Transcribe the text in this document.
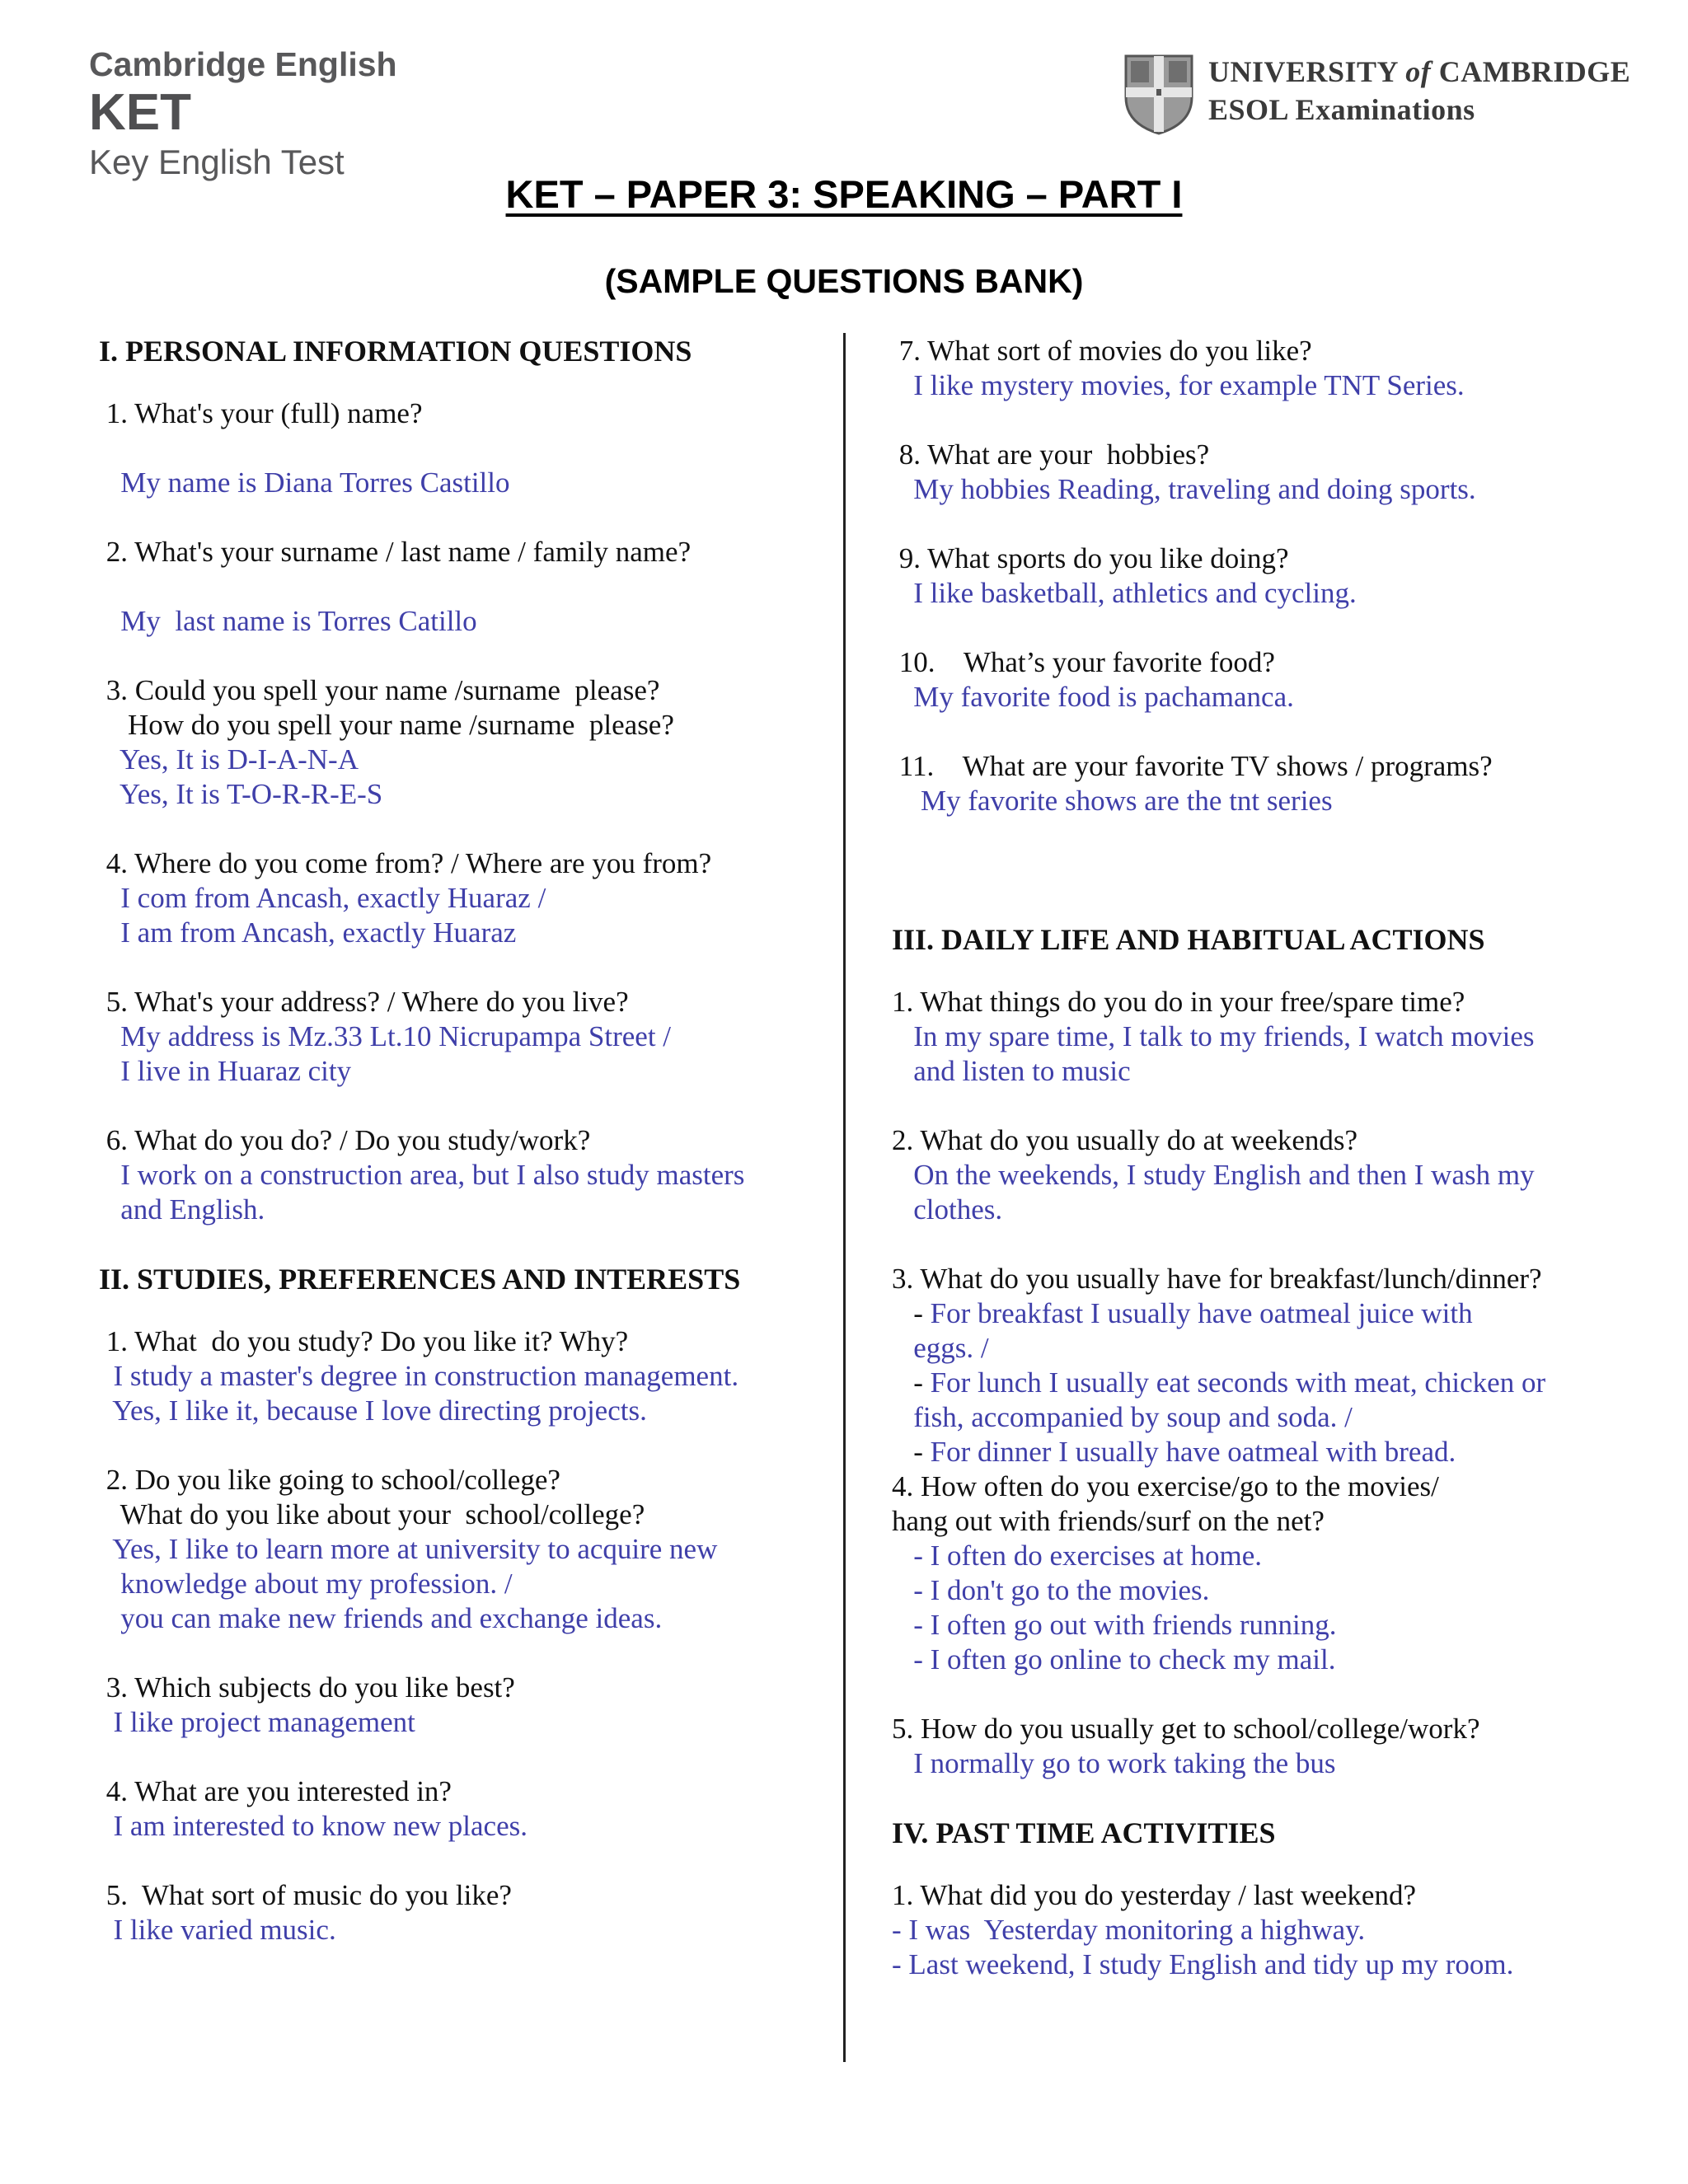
Cambridge English
KET
Key English Test
UNIVERSITY of CAMBRIDGE
ESOL Examinations
KET – PAPER 3: SPEAKING – PART I
(SAMPLE QUESTIONS BANK)
I. PERSONAL INFORMATION QUESTIONS
1. What's your (full) name?
My name is Diana Torres Castillo
2. What's your surname / last name / family name?
My  last name is Torres Catillo
3. Could you spell your name /surname  please?
How do you spell your name /surname  please?
Yes, It is D-I-A-N-A
Yes, It is T-O-R-R-E-S
4. Where do you come from? / Where are you from?
I com from Ancash, exactly Huaraz /
I am from Ancash, exactly Huaraz
5. What's your address? / Where do you live?
My address is Mz.33 Lt.10 Nicrupampa Street /
I live in Huaraz city
6. What do you do? / Do you study/work?
I work on a construction area, but I also study masters
and English.
II. STUDIES, PREFERENCES AND INTERESTS
1. What  do you study? Do you like it? Why?
I study a master's degree in construction management.
Yes, I like it, because I love directing projects.
2. Do you like going to school/college?
What do you like about your  school/college?
Yes, I like to learn more at university to acquire new
knowledge about my profession. /
you can make new friends and exchange ideas.
3. Which subjects do you like best?
I like project management
4. What are you interested in?
I am interested to know new places.
5.  What sort of music do you like?
I like varied music.
7. What sort of movies do you like?
I like mystery movies, for example TNT Series.
8. What are your  hobbies?
My hobbies Reading, traveling and doing sports.
9. What sports do you like doing?
I like basketball, athletics and cycling.
10.    What’s your favorite food?
My favorite food is pachamanca.
11.    What are your favorite TV shows / programs?
My favorite shows are the tnt series
III. DAILY LIFE AND HABITUAL ACTIONS
1. What things do you do in your free/spare time?
In my spare time, I talk to my friends, I watch movies
and listen to music
2. What do you usually do at weekends?
On the weekends, I study English and then I wash my
clothes.
3. What do you usually have for breakfast/lunch/dinner?
- For breakfast I usually have oatmeal juice with
eggs. /
- For lunch I usually eat seconds with meat, chicken or
fish, accompanied by soup and soda. /
- For dinner I usually have oatmeal with bread.
4. How often do you exercise/go to the movies/
hang out with friends/surf on the net?
- I often do exercises at home.
- I don't go to the movies.
- I often go out with friends running.
- I often go online to check my mail.
5. How do you usually get to school/college/work?
I normally go to work taking the bus
IV. PAST TIME ACTIVITIES
1. What did you do yesterday / last weekend?
- I was  Yesterday monitoring a highway.
- Last weekend, I study English and tidy up my room.
